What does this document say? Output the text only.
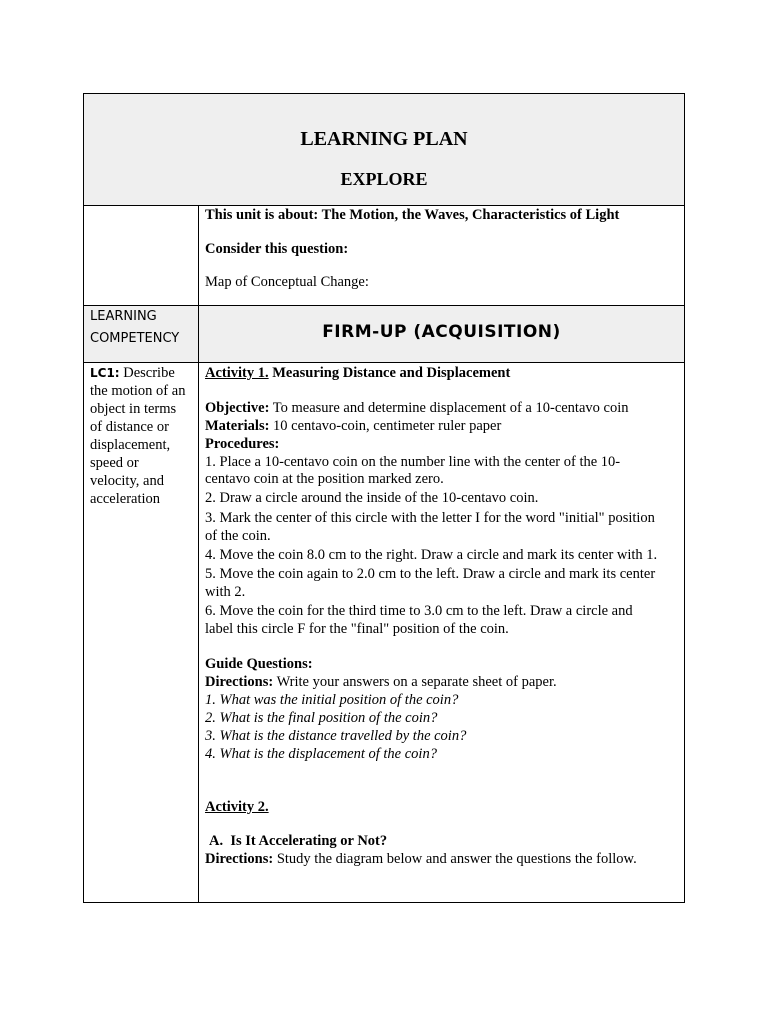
LEARNING PLAN
EXPLORE
This unit is about: The Motion, the Waves, Characteristics of Light
Consider this question:
Map of Conceptual Change:
LEARNING
COMPETENCY	FIRM-UP (ACQUISITION)
LC1: Describe
the motion of an
object in terms
of distance or
displacement,
speed or
velocity, and
acceleration
Activity 1. Measuring Distance and Displacement
Objective: To measure and determine displacement of a 10-centavo coin
Materials: 10 centavo-coin, centimeter ruler paper
Procedures:
1. Place a 10-centavo coin on the number line with the center of the 10-
centavo coin at the position marked zero.
2. Draw a circle around the inside of the 10-centavo coin.
3. Mark the center of this circle with the letter I for the word "initial" position
of the coin.
4. Move the coin 8.0 cm to the right. Draw a circle and mark its center with 1.
5. Move the coin again to 2.0 cm to the left. Draw a circle and mark its center
with 2.
6. Move the coin for the third time to 3.0 cm to the left. Draw a circle and
label this circle F for the "final" position of the coin.
Guide Questions:
Directions: Write your answers on a separate sheet of paper.
1. What was the initial position of the coin?
2. What is the final position of the coin?
3. What is the distance travelled by the coin?
4. What is the displacement of the coin?
Activity 2.
A.  Is It Accelerating or Not?
Directions: Study the diagram below and answer the questions the follow.
